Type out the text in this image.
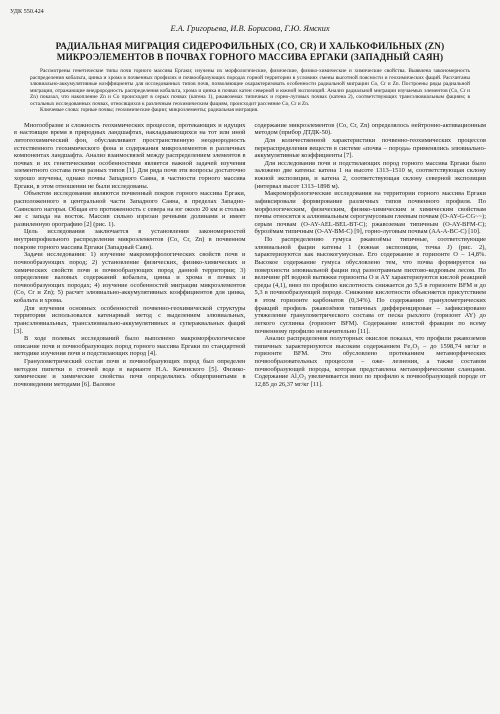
УДК 550.424
Е.А. Григорьева, И.В. Борисова, Г.Ю. Ямских
РАДИАЛЬНАЯ МИГРАЦИЯ СИДЕРОФИЛЬНЫХ (CO, CR) И ХАЛЬКОФИЛЬНЫХ (ZN)
МИКРОЭЛЕМЕНТОВ В ПОЧВАХ ГОРНОГО МАССИВА ЕРГАКИ (ЗАПАДНЫЙ САЯН)
Рассмотрены генетические типы почв горного массива Ергаки; изучены их морфологические, физические, физико-химические и химические свойства. Выявлена закономерность распределения кобальта, цинка и хрома в почвенных профилях и почвообразующих породах горной территории в условиях смены высотной поясности и геохимических фаций. Рассчитаны элювиально-аккумулятивные коэффициенты для исследованных типов почв, позволяющие охарактеризовать особенности радиальной миграции Co, Cr и Zn. Построены ряды радиальной миграции, отражающие внедрородность распределения кобальта, хрома и цинка в почвах катен северной и южной экспозиций. Анализ радиальной миграции изучаемых элементов (Co, Cr и Zn) показал, что накопление Zn и Co происходит в серых почвах (катена 1), ржавоземах типичных и горно-луговых почвах (катена 2), соответствующих трансэлювиальным фациям; в остальных исследованных почвах, относящихся к различным геохимическим фациям, происходит рассеяние Co, Cr и Zn.
Ключевые слова: горные почвы; геохимические фации; микроэлементы; радиальная миграция.

Многообразие и сложность геохимических процессов, протекающих и идущих в настоящее время в природных ландшафтах, накладывающихся на тот или иной литогеохимический фон, обуславливают пространственную неоднородность естественного геохимического фона и содержания микроэлементов в различных компонентах ландшафта. Анализ взаимосвязей между распределением элементов в почвах и их генетическими особенностями является важной задачей изучения элементного состава почв разных типов [1]. Для ряда почв эти вопросы достаточно хорошо изучены, однако почвы Западного Саяна, в частности горного массива Ергаки, в этом отношении не были исследованы.

Объектом исследования являются почвенный покров горного массива Ергаки, расположенного в центральной части Западного Саяна, в пределах Западно-Саянского нагорья. Общая его протяженность с севера на юг около 20 км и столько же с запада на восток. Массив сильно изрезан речными долинами и имеет развиленную орографию [2] (рис. 1).

Цель исследования заключается в установлении закономерностей внутрипрофильного распределения микроэлементов (Co, Cr, Zn) в почвенном покрове горного массива Ергаки (Западный Саян).

Задачи исследования: 1) изучение макроморфологических свойств почв и почвообразующих пород; 2) установление физических, физико-химических и химических свойств почв и почвообразующих пород данной территории; 3) определение валовых содержаний кобальта, цинка и хрома в почвах и почвообразующих породах; 4) изучение особенностей миграции микроэлементов (Co, Cr и Zn); 5) расчет элювиально-аккумулятивных коэффициентов для цинка, кобальта и хрома.

Для изучения основных особенностей почвенно-геохимической структуры территории использовался катенарный метод с выделением элювиальных, трансэлювиальных, трансэлювиально-аккумулятивных и супераквальных фаций [3].

В ходе полевых исследований было выполнено макроморфологическое описание почв и почвообразующих пород горного массива Ергаки по стандартной методике изучения почв и подстилающих пород [4].

Гранулометрический состав почв и почвообразующих пород был определен методом пипетки в стоячей воде в варианте Н.А. Качинского [5]. Физико-химические и химические свойства почв определялись общепринятыми в почвоведении методами [6]. Валовое

содержание микроэлементов (Co, Cr, Zn) определялось нейтронно-активационным методом (прибор ДТДК-50).

Для количественной характеристики почвенно-геохимических процессов перераспределения веществ в системе «почва – порода» применялись элювиально-аккумулятивные коэффициенты [7].

Для исследования почв и подстилающих пород горного массива Ергаки было заложено две катены: катена 1 на высоте 1313–1510 м, соответствующая склону южной экспозиции, и катена 2, соответствующая склону северной экспозиции (интервал высот 1313–1898 м).

Макроморфологические исследования на территории горного массива Ергаки зафиксировали формирование различных типов почвенного профиля. По морфологическим, физическим, физико-химическим и химическим свойствам почвы относятся к аллювиальным серогумусовым глеевым почвам (O-AY-G-CG~~); серым почвам (O-AY-AEL-BEL-BT-C); ржавоземам типичным (O-AY-BFM-C); бурозёмам типичным (O-AY-BM-C) [9], горно-луговым почвам (AA-A-BC-C) [10].

По распределению гумуса ржавозёмы типичные, соответствующие элювиальной фации катены 1 (южная экспозиция, точка J) (рис. 2), характеризуются как высокогумусные. Его содержание в горизонте О – 14,8%. Высокое содержание гумуса обусловлено тем, что почва формируется на поверхности элювиальной фации под разнотравным пихтово-кедровым лесом. По величине pH водной вытяжки горизонты О и АY характеризуются кислой реакцией среды (4,1), вниз по профилю кислотность снижается до 5,5 в горизонте BFM и до 5,3 в почвообразующей породе. Снижение кислотности объясняется присутствием в этом горизонте карбонатов (0,34%). По содержанию гранулометрических фракций профиль ржавозёмов типичных дифференцирован – зафиксировано утяжеление гранулометрического состава от песка рыхлого (горизонт AY) до легкого суглинка (горизонт BFM). Содержание илистой фракции по всему почвенному профилю незначительно [11].

Анализ распределения полуторных окислов показал, что профили ржавоземов типичных характеризуются высоким содержанием Fe₂O₃ – до 1598,74 мг/кг в горизонте BFM. Это обусловлено протеканием метаморфических почвообразовательных процессов – оже- лезнения, а также составом почвообразующей породы, которая представлена метаморфическими сланцами. Содержание Al₂O₃ увеличивается вниз по профилю к почвообразующей породе от 12,85 до 26,37 мг/кг [11].
